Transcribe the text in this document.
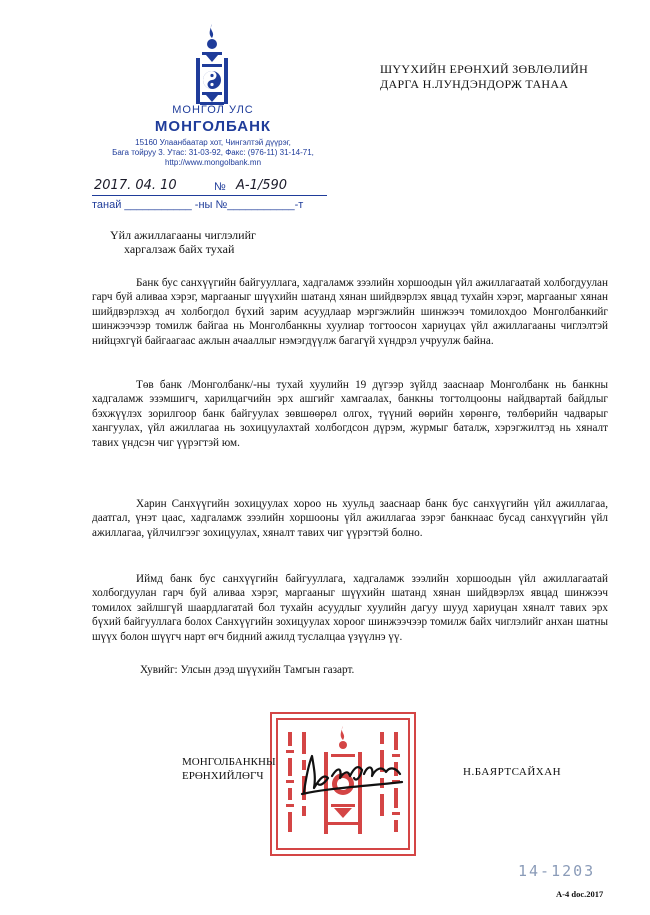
МОНГОЛ УЛС
МОНГОЛБАНК
15160 Улаанбаатар хот, Чингэлтэй дүүрэг,
Бага тойруу 3. Утас: 31-03-92, Факс: (976-11) 31-14-71,
http://www.mongolbank.mn
ШҮҮХИЙН ЕРӨНХИЙ ЗӨВЛӨЛИЙН
ДАРГА Н.ЛУНДЭНДОРЖ ТАНАА
2017. 04. 10	№ А-1/590
танай ___________ -ны №___________-т
Үйл ажиллагааны чиглэлийг
харгалзаж байх тухай
Банк бус санхүүгийн байгууллага, хадгаламж зээлийн хоршоодын үйл ажиллагаатай холбогдуулан гарч буй аливаа хэрэг, маргааныг шүүхийн шатанд хянан шийдвэрлэх явцад тухайн хэрэг, маргааныг хянан шийдвэрлэхэд ач холбогдол бүхий зарим асуудлаар мэргэжлийн шинжээч томилохдоо Монголбанкийг шинжээчээр томилж байгаа нь Монголбанкны хуулиар тогтоосон хариуцах үйл ажиллагааны чиглэлтэй нийцэхгүй байгаагаас ажлын ачааллыг нэмэгдүүлж багагүй хүндрэл учруулж байна.
Төв банк /Монголбанк/-ны тухай хуулийн 19 дүгээр зүйлд зааснаар Монголбанк нь банкны хадгаламж эзэмшигч, харилцагчийн эрх ашгийг хамгаалах, банкны тогтолцооны найдвартай байдлыг бэхжүүлэх зорилгоор банк байгуулах зөвшөөрөл олгох, түүний өөрийн хөрөнгө, төлбөрийн чадварыг хангуулах, үйл ажиллагаа нь зохицуулахтай холбогдсон дүрэм, журмыг баталж, хэрэгжилтэд нь хяналт тавих үндсэн чиг үүрэгтэй юм.
Харин Санхүүгийн зохицуулах хороо нь хуульд зааснаар банк бус санхүүгийн үйл ажиллагаа, даатгал, үнэт цаас, хадгаламж зээлийн хоршооны үйл ажиллагаа зэрэг банкнаас бусад санхүүгийн үйл ажиллагаа, үйлчилгээг зохицуулах, хяналт тавих чиг үүрэгтэй болно.
Иймд банк бус санхүүгийн байгууллага, хадгаламж зээлийн хоршоодын үйл ажиллагаатай холбогдуулан гарч буй аливаа хэрэг, маргааныг шүүхийн шатанд хянан шийдвэрлэх явцад шинжээч томилох зайлшгүй шаардлагатай бол тухайн асуудлыг хуулийн дагуу шууд хариуцан хяналт тавих эрх бүхий байгууллага болох Санхүүгийн зохицуулах хороог шинжээчээр томилж байх чиглэлийг анхан шатны шүүх болон шүүгч нарт өгч бидний ажилд туслалцаа үзүүлнэ үү.
Хувийг: Улсын дээд шүүхийн Тамгын газарт.
МОНГОЛБАНКНЫ
ЕРӨНХИЙЛӨГЧ	Н.БАЯРТСАЙХАН
14-1203
А-4 doc.2017
